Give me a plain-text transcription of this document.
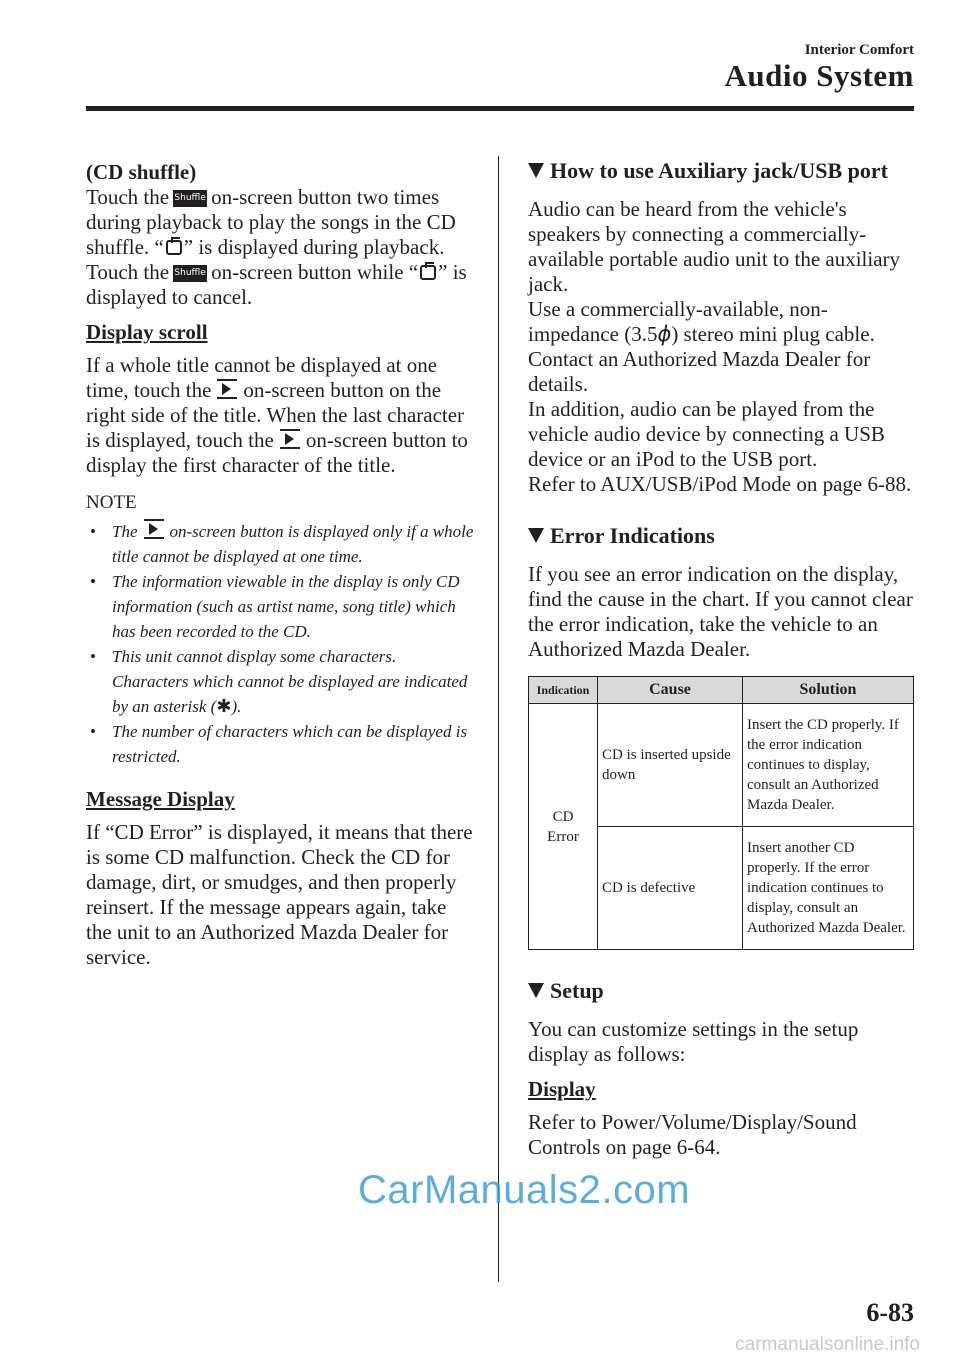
Interior Comfort
Audio System

(CD shuffle)

Touch the Shuffle on-screen button two times during playback to play the songs in the CD shuffle. “ ” is displayed during playback.

Touch the Shuffle on-screen button while “ ” is displayed to cancel.

Display scroll

If a whole title cannot be displayed at one time, touch the on-screen button on the right side of the title. When the last character is displayed, touch the on-screen button to display the first character of the title.

NOTE

• The on-screen button is displayed only if a whole title cannot be displayed at one time.
• The information viewable in the display is only CD information (such as artist name, song title) which has been recorded to the CD.
• This unit cannot display some characters. Characters which cannot be displayed are indicated by an asterisk (✱).
• The number of characters which can be displayed is restricted.

Message Display

If “CD Error” is displayed, it means that there is some CD malfunction. Check the CD for damage, dirt, or smudges, and then properly reinsert. If the message appears again, take the unit to an Authorized Mazda Dealer for service.

How to use Auxiliary jack/USB port

Audio can be heard from the vehicle's speakers by connecting a commercially-available portable audio unit to the auxiliary jack.

Use a commercially-available, non-impedance (3.5ϕ) stereo mini plug cable. Contact an Authorized Mazda Dealer for details.

In addition, audio can be played from the vehicle audio device by connecting a USB device or an iPod to the USB port.

Refer to AUX/USB/iPod Mode on page 6-88.

Error Indications

If you see an error indication on the display, find the cause in the chart. If you cannot clear the error indication, take the vehicle to an Authorized Mazda Dealer.

Indication	Cause	Solution
CD
Error	CD is inserted upside down	Insert the CD properly. If the error indication continues to display, consult an Authorized Mazda Dealer.
	CD is defective	Insert another CD properly. If the error indication continues to display, consult an Authorized Mazda Dealer.
Setup

You can customize settings in the setup display as follows:

Display

Refer to Power/Volume/Display/Sound Controls on page 6-64.

6-83
CarManuals2.com
carmanualsonline.info
